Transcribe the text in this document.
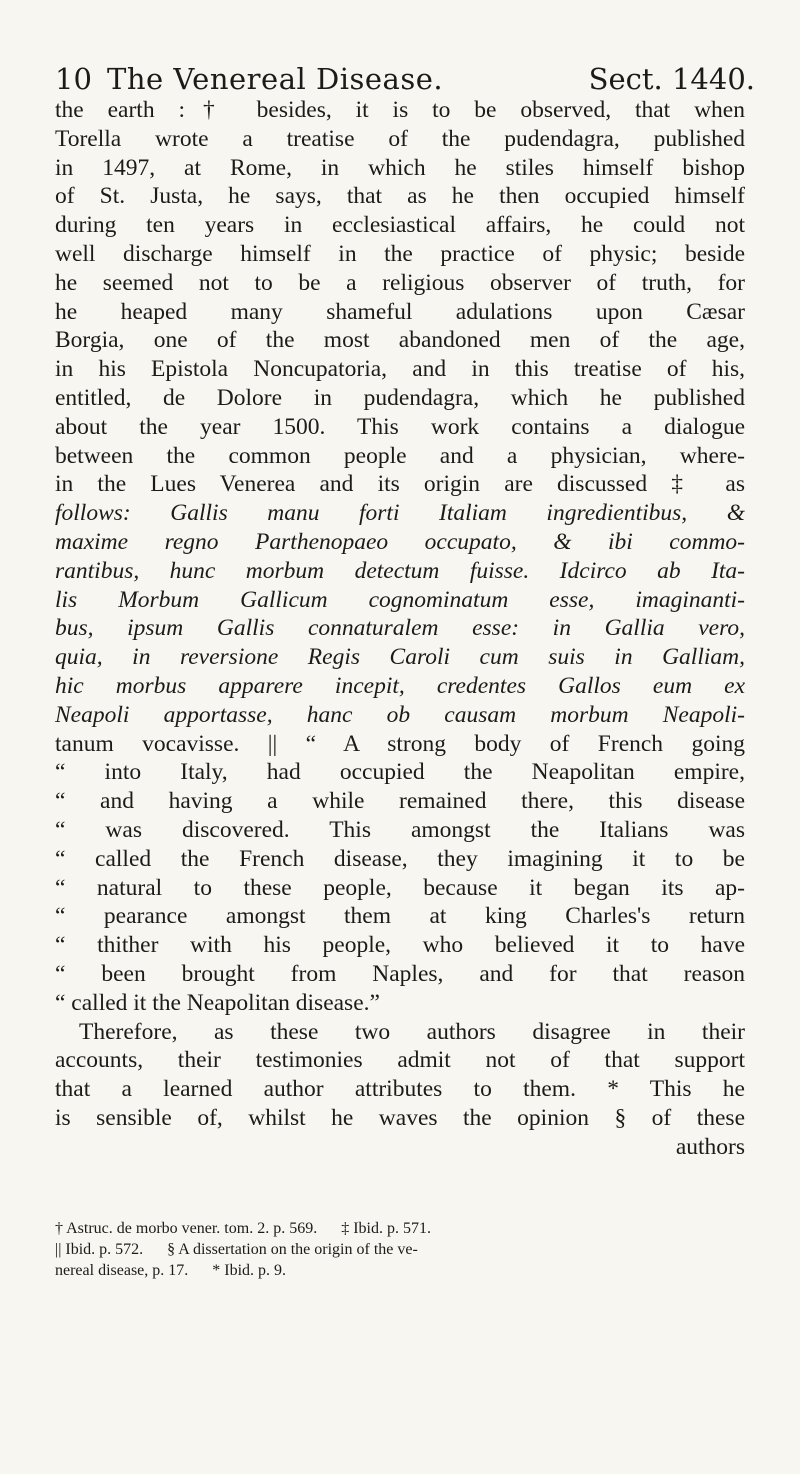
10 The Venereal Disease.	Sect. 1440.
the earth :† besides, it is to be observed, that when
Torella wrote a treatise of the pudendagra, published
in 1497, at Rome, in which he stiles himself bishop
of St. Justa, he says, that as he then occupied himself
during ten years in ecclesiastical affairs, he could not
well discharge himself in the practice of physic; beside
he seemed not to be a religious observer of truth, for
he heaped many shameful adulations upon Cæsar
Borgia, one of the most abandoned men of the age,
in his Epistola Noncupatoria, and in this treatise of his,
entitled, de Dolore in pudendagra, which he published
about the year 1500. This work contains a dialogue
between the common people and a physician, where-
in the Lues Venerea and its origin are discussed ‡ as
follows: Gallis manu forti Italiam ingredientibus, &
maxime regno Parthenopaeo occupato, & ibi commo-
rantibus, hunc morbum detectum fuisse. Idcirco ab Ita-
lis Morbum Gallicum cognominatum esse, imaginanti-
bus, ipsum Gallis connaturalem esse: in Gallia vero,
quia, in reversione Regis Caroli cum suis in Galliam,
hic morbus apparere incepit, credentes Gallos eum ex
Neapoli apportasse, hanc ob causam morbum Neapoli-
tanum vocavisse. || “ A strong body of French going
“ into Italy, had occupied the Neapolitan empire,
“ and having a while remained there, this disease
“ was discovered. This amongst the Italians was
“ called the French disease, they imagining it to be
“ natural to these people, because it began its ap-
“ pearance amongst them at king Charles's return
“ thither with his people, who believed it to have
“ been brought from Naples, and for that reason
“ called it the Neapolitan disease.”
Therefore, as these two authors disagree in their
accounts, their testimonies admit not of that support
that a learned author attributes to them. * This he
is sensible of, whilst he waves the opinion § of these
authors
† Astruc. de morbo vener. tom. 2. p. 569.      ‡ Ibid. p. 571.
|| Ibid. p. 572.      § A dissertation on the origin of the ve-
nereal disease, p. 17.      * Ibid. p. 9.
